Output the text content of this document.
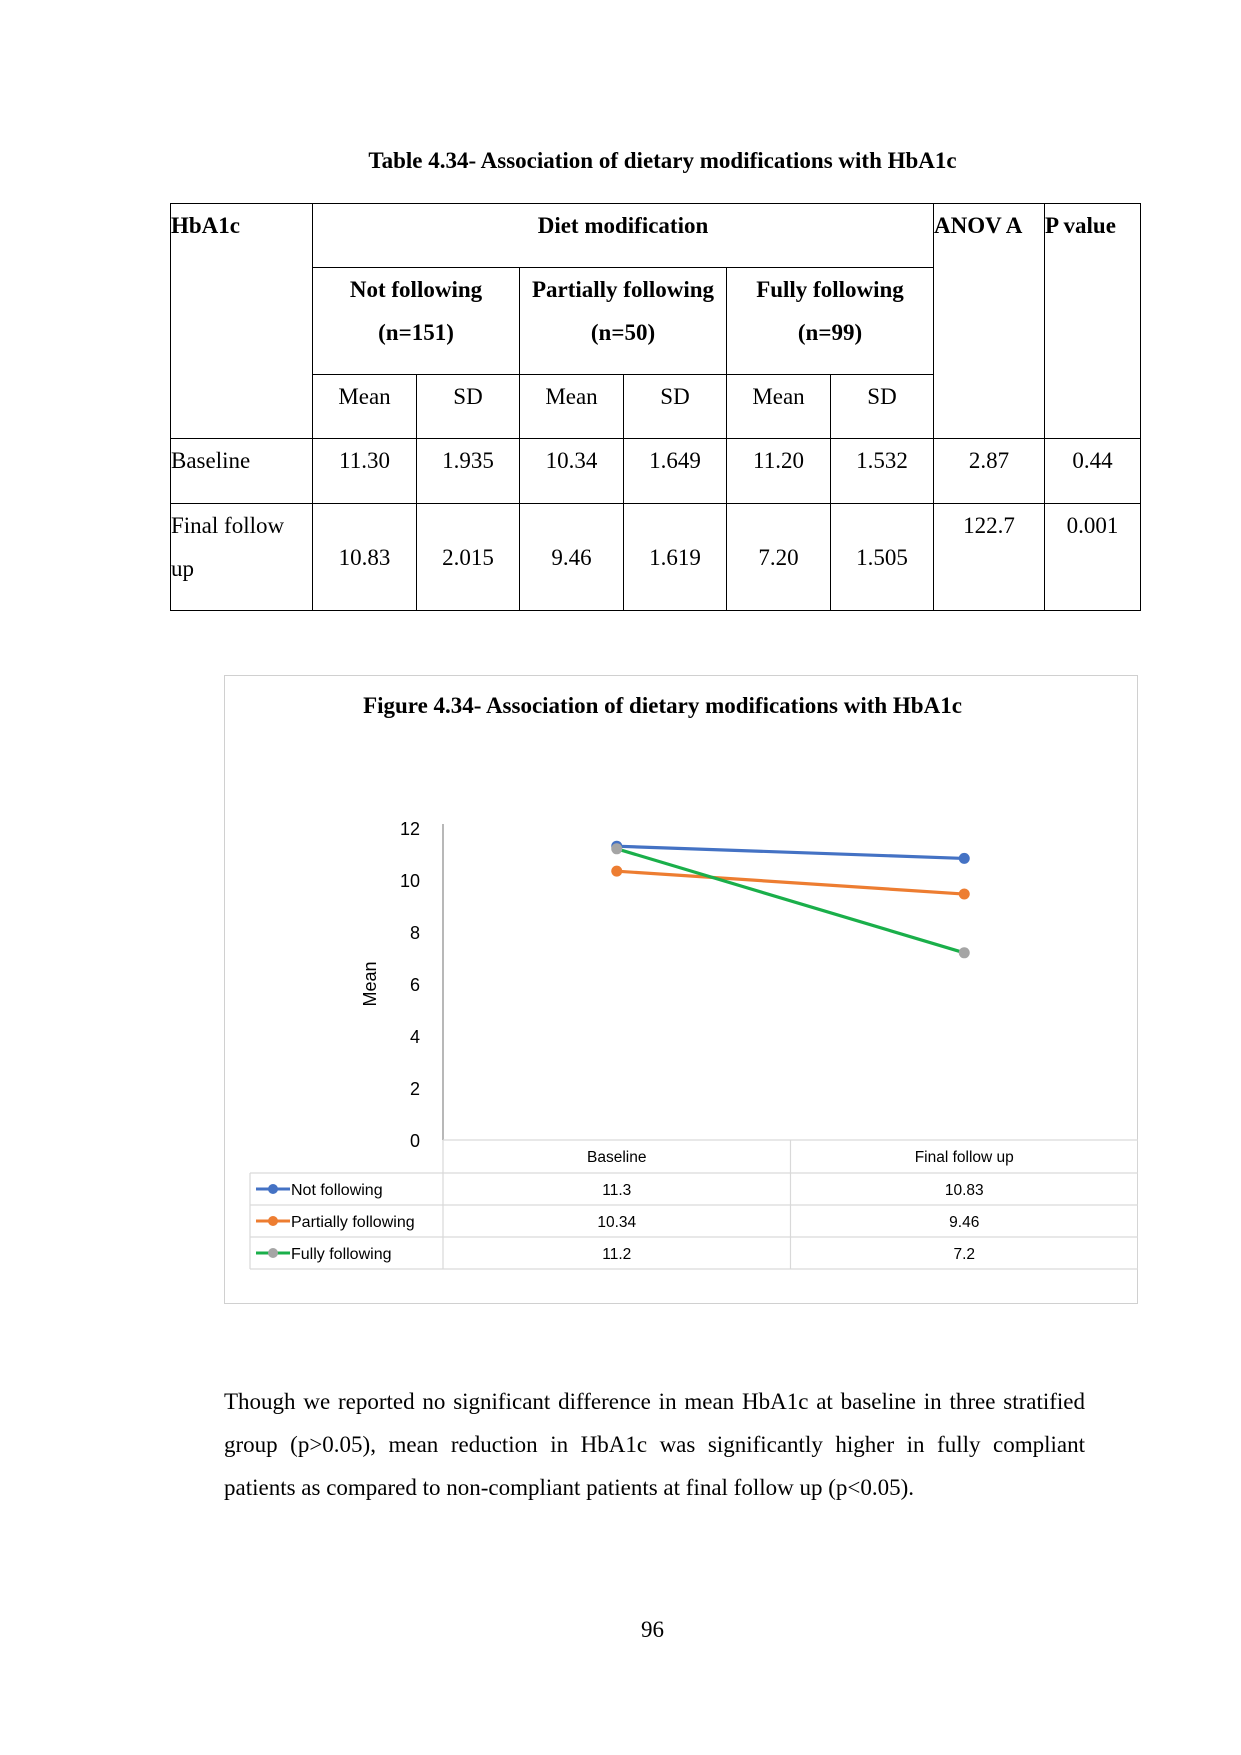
Table 4.34- Association of dietary modifications with HbA1c
HbA1c	Diet modification						ANOV A	P value
	Not following (n=151)		Partially following (n=50)		Fully following (n=99)			
	Mean	SD	Mean	SD	Mean	SD		
Baseline	11.30	1.935	10.34	1.649	11.20	1.532	2.87	0.44
Final follow up	10.83	2.015	9.46	1.619	7.20	1.505	122.7	0.001
Figure 4.34- Association of dietary modifications with HbA1c
0
2
4
6
8
10
12
Mean
Baseline	Final follow up
Not following	11.3	10.83
Partially following	10.34	9.46
Fully following	11.2	7.2
Though we reported no significant difference in mean HbA1c at baseline in three stratified group (p>0.05), mean reduction in HbA1c was significantly higher in fully compliant patients as compared to non-compliant patients at final follow up (p<0.05).
96
